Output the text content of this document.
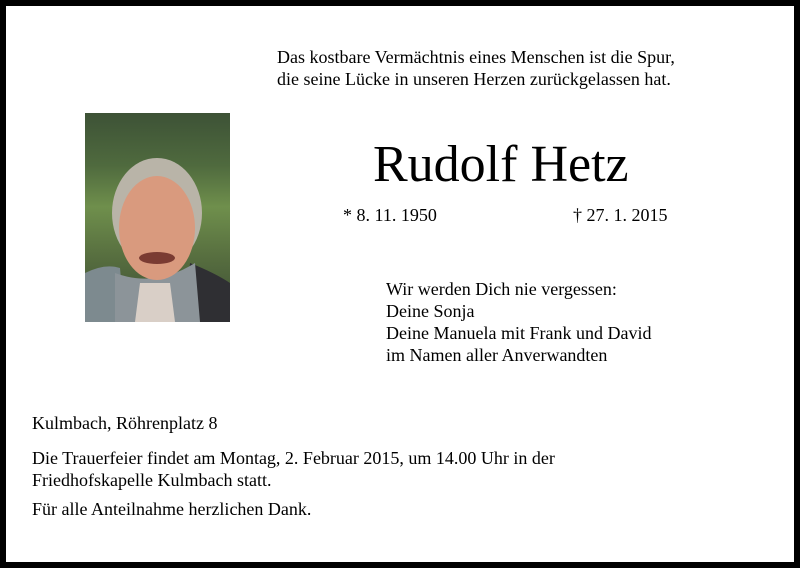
Das kostbare Vermächtnis eines Menschen ist die Spur,
die seine Lücke in unseren Herzen zurückgelassen hat.
Rudolf Hetz
* 8. 11. 1950	† 27. 1. 2015
Wir werden Dich nie vergessen:
Deine Sonja
Deine Manuela mit Frank und David
im Namen aller Anverwandten
Kulmbach, Röhrenplatz 8
Die Trauerfeier findet am Montag, 2. Februar 2015, um 14.00 Uhr in der
Friedhofskapelle Kulmbach statt.
Für alle Anteilnahme herzlichen Dank.
